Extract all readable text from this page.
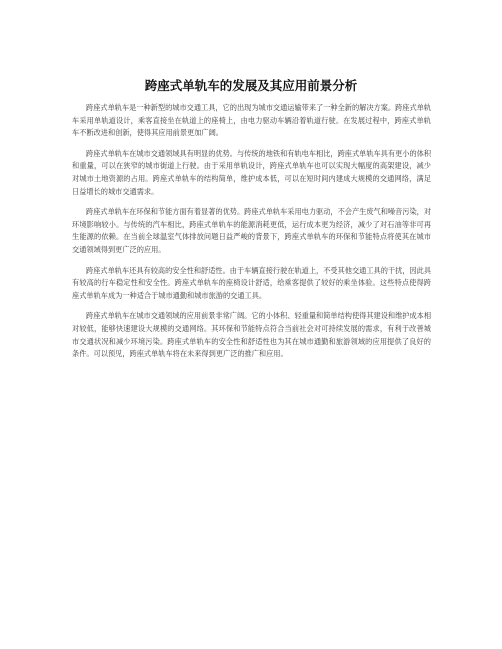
跨座式单轨车的发展及其应用前景分析

跨座式单轨车是一种新型的城市交通工具，它的出现为城市交通运输带来了一种全新的解决方案。跨座式单轨车采用单轨道设计，乘客直接坐在轨道上的座椅上，由电力驱动车辆沿着轨道行驶。在发展过程中，跨座式单轨车不断改进和创新，使得其应用前景更加广阔。

跨座式单轨车在城市交通领域具有明显的优势。与传统的地铁和有轨电车相比，跨座式单轨车具有更小的体积和重量，可以在狭窄的城市街道上行驶。由于采用单轨设计，跨座式单轨车也可以实现大幅度的高架建设，减少对城市土地资源的占用。跨座式单轨车的结构简单，维护成本低，可以在短时间内建成大规模的交通网络，满足日益增长的城市交通需求。

跨座式单轨车在环保和节能方面有着显著的优势。跨座式单轨车采用电力驱动，不会产生废气和噪音污染，对环境影响较小。与传统的汽车相比，跨座式单轨车的能源消耗更低，运行成本更为经济，减少了对石油等非可再生能源的依赖。在当前全球温室气体排放问题日益严峻的背景下，跨座式单轨车的环保和节能特点将使其在城市交通领域得到更广泛的应用。

跨座式单轨车还具有较高的安全性和舒适性。由于车辆直接行驶在轨道上，不受其他交通工具的干扰，因此具有较高的行车稳定性和安全性。跨座式单轨车的座椅设计舒适，给乘客提供了较好的乘坐体验。这些特点使得跨座式单轨车成为一种适合于城市通勤和城市旅游的交通工具。

跨座式单轨车在城市交通领域的应用前景非常广阔。它的小体积、轻重量和简单结构使得其建设和维护成本相对较低，能够快速建设大规模的交通网络。其环保和节能特点符合当前社会对可持续发展的需求，有利于改善城市交通状况和减少环境污染。跨座式单轨车的安全性和舒适性也为其在城市通勤和旅游领域的应用提供了良好的条件。可以预见，跨座式单轨车将在未来得到更广泛的推广和应用。
